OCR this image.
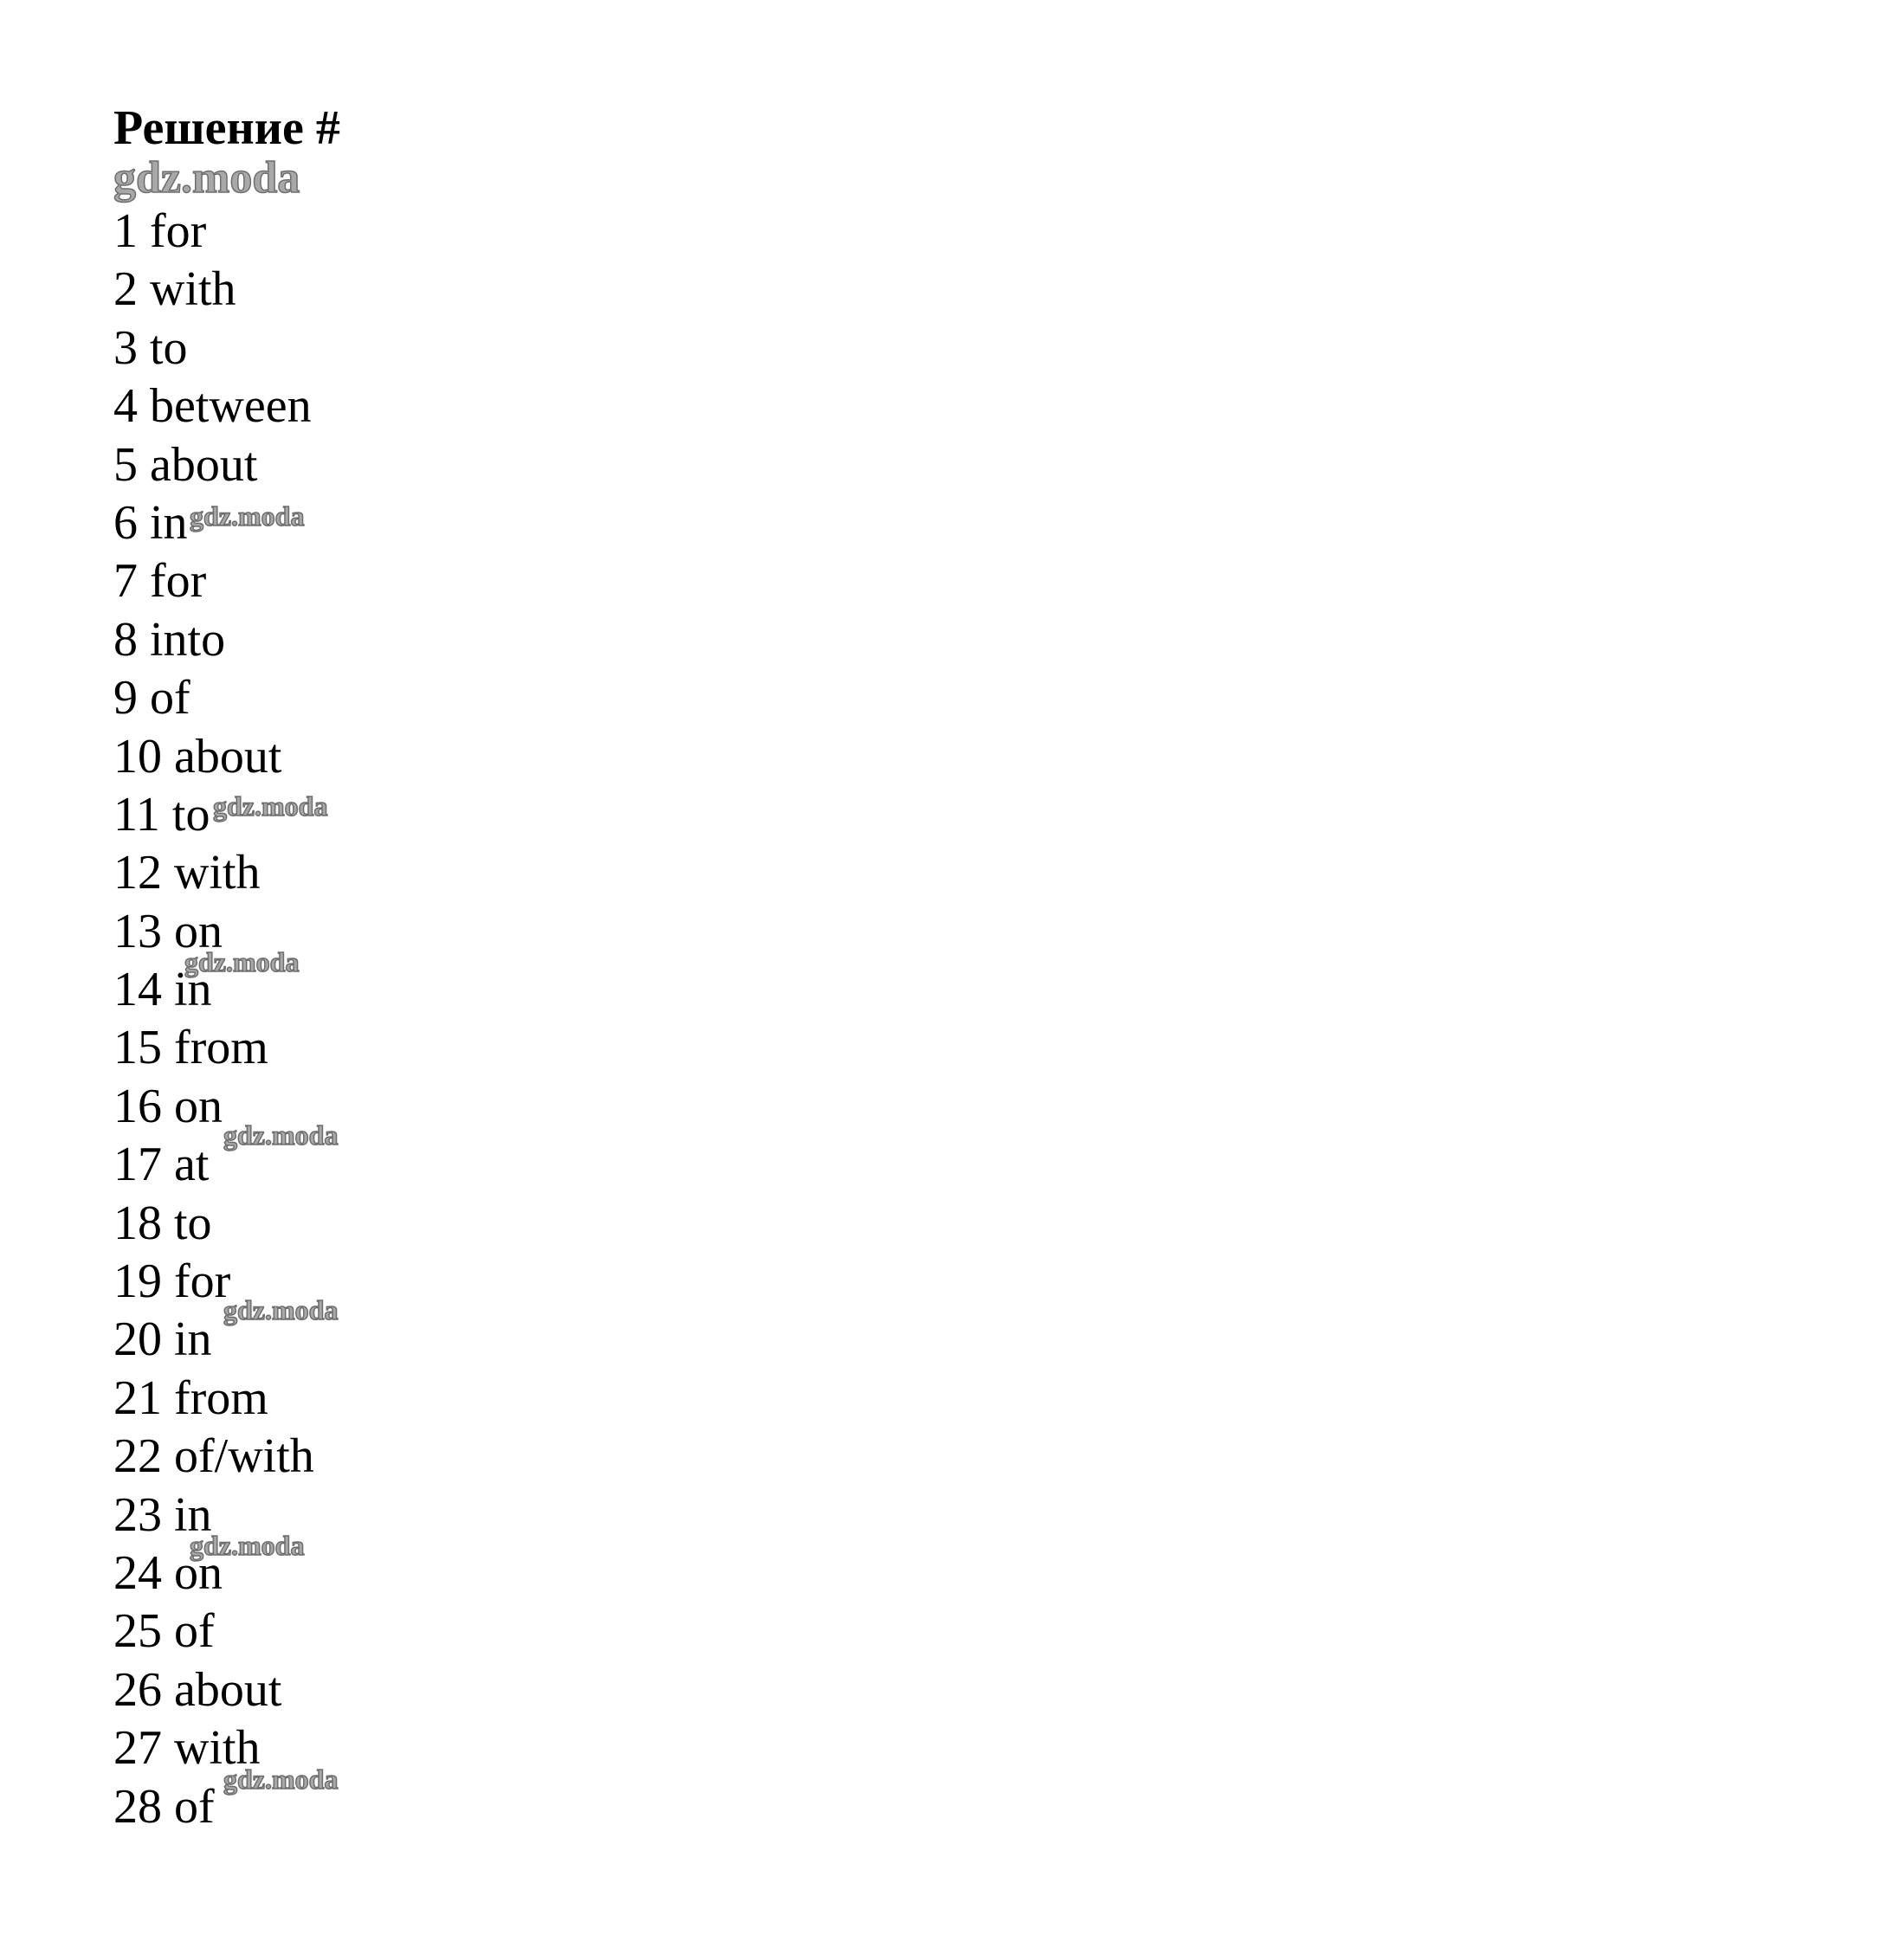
Решение #
gdz.moda
1 for
2 with
3 to
4 between
5 about
6 in gdz.moda
7 for
8 into
9 of
10 about
11 to gdz.moda
12 with
13 on
14 in
gdz.moda
15 from
16 on
17 at
gdz.moda
18 to
19 for
20 in
gdz.moda
21 from
22 of/with
23 in
24 on
gdz.moda
25 of
26 about
27 with
28 of
gdz.moda
